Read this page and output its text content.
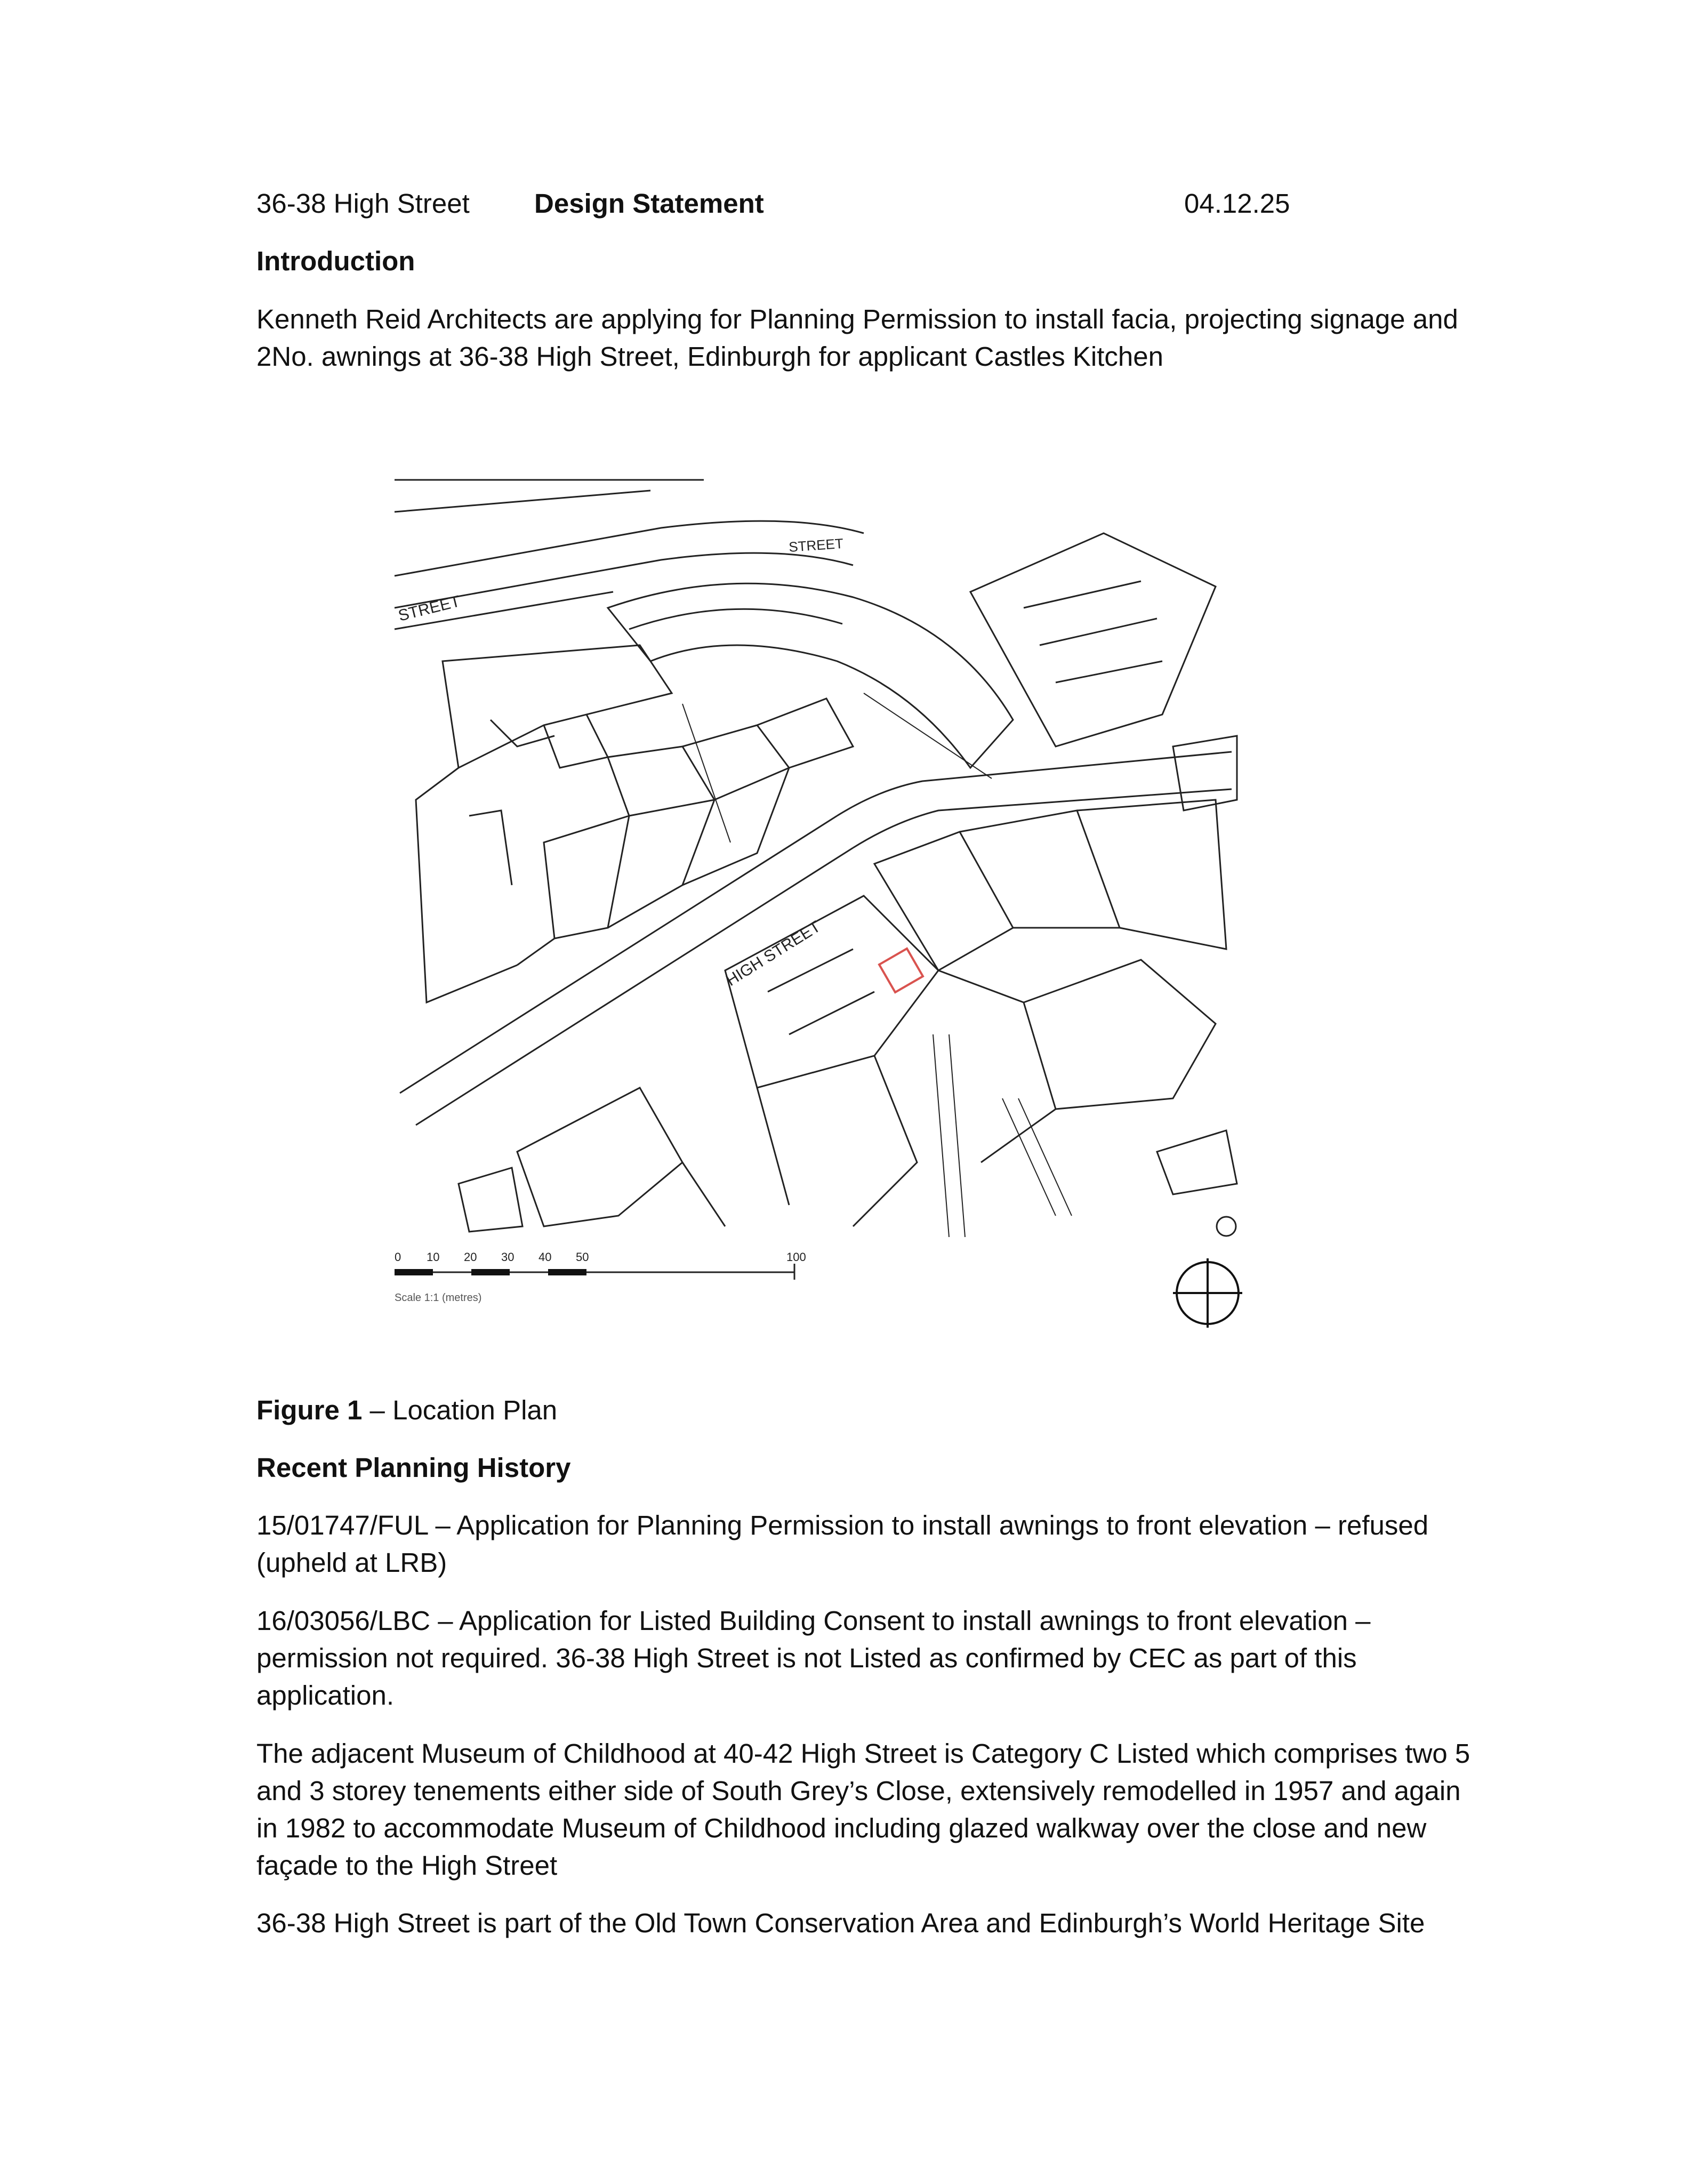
36-38 High Street Design Statement	04.12.25
Introduction
Kenneth Reid Architects are applying for Planning Permission to install facia, projecting signage and
2No. awnings at 36-38 High Street, Edinburgh for applicant Castles Kitchen
HIGH STREET
STREET
STREET
0 10 20 30 40 50	100
Scale 1:1 (metres)
Figure 1 – Location Plan
Recent Planning History
15/01747/FUL – Application for Planning Permission to install awnings to front elevation – refused
(upheld at LRB)
16/03056/LBC – Application for Listed Building Consent to install awnings to front elevation –
permission not required. 36-38 High Street is not Listed as confirmed by CEC as part of this
application.
The adjacent Museum of Childhood at 40-42 High Street is Category C Listed which comprises two 5
and 3 storey tenements either side of South Grey’s Close, extensively remodelled in 1957 and again
in 1982 to accommodate Museum of Childhood including glazed walkway over the close and new
façade to the High Street
36-38 High Street is part of the Old Town Conservation Area and Edinburgh’s World Heritage Site
